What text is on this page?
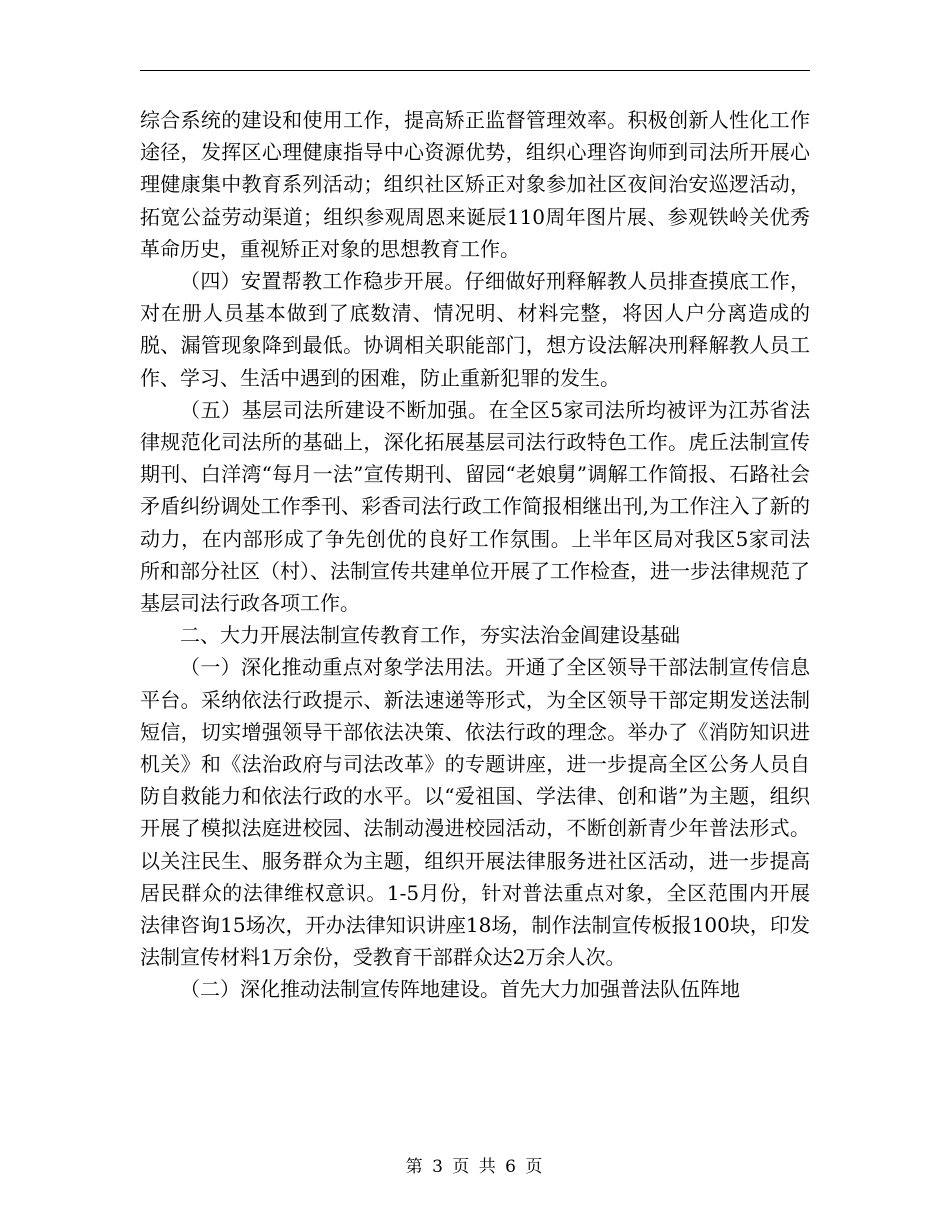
综合系统的建设和使用工作，提高矫正监督管理效率。积极创新人性化工作途径，发挥区心理健康指导中心资源优势，组织心理咨询师到司法所开展心理健康集中教育系列活动；组织社区矫正对象参加社区夜间治安巡逻活动，拓宽公益劳动渠道；组织参观周恩来诞辰110周年图片展、参观铁岭关优秀革命历史，重视矫正对象的思想教育工作。

（四）安置帮教工作稳步开展。仔细做好刑释解教人员排查摸底工作，对在册人员基本做到了底数清、情况明、材料完整，将因人户分离造成的脱、漏管现象降到最低。协调相关职能部门，想方设法解决刑释解教人员工作、学习、生活中遇到的困难，防止重新犯罪的发生。

（五）基层司法所建设不断加强。在全区5家司法所均被评为江苏省法律规范化司法所的基础上，深化拓展基层司法行政特色工作。虎丘法制宣传期刊、白洋湾“每月一法”宣传期刊、留园“老娘舅”调解工作简报、石路社会矛盾纠纷调处工作季刊、彩香司法行政工作简报相继出刊,为工作注入了新的动力，在内部形成了争先创优的良好工作氛围。上半年区局对我区5家司法所和部分社区（村）、法制宣传共建单位开展了工作检查，进一步法律规范了基层司法行政各项工作。

二、大力开展法制宣传教育工作，夯实法治金阊建设基础

（一）深化推动重点对象学法用法。开通了全区领导干部法制宣传信息平台。采纳依法行政提示、新法速递等形式，为全区领导干部定期发送法制短信，切实增强领导干部依法决策、依法行政的理念。举办了《消防知识进机关》和《法治政府与司法改革》的专题讲座，进一步提高全区公务人员自防自救能力和依法行政的水平。以“爱祖国、学法律、创和谐”为主题，组织开展了模拟法庭进校园、法制动漫进校园活动，不断创新青少年普法形式。以关注民生、服务群众为主题，组织开展法律服务进社区活动，进一步提高居民群众的法律维权意识。1-5月份，针对普法重点对象，全区范围内开展法律咨询15场次，开办法律知识讲座18场，制作法制宣传板报100块，印发法制宣传材料1万余份，受教育干部群众达2万余人次。

（二）深化推动法制宣传阵地建设。首先大力加强普法队伍阵地

第 3 页 共 6 页
